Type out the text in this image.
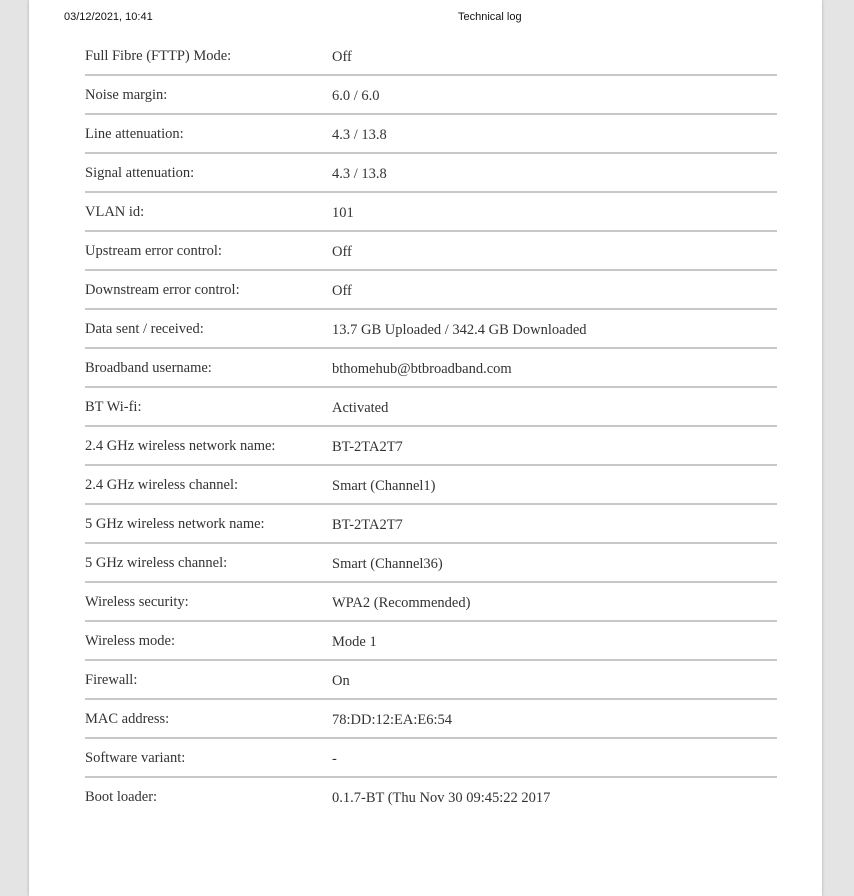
03/12/2021, 10:41	Technical log
Full Fibre (FTTP) Mode:	Off
Noise margin:	6.0 / 6.0
Line attenuation:	4.3 / 13.8
Signal attenuation:	4.3 / 13.8
VLAN id:	101
Upstream error control:	Off
Downstream error control:	Off
Data sent / received:	13.7 GB Uploaded / 342.4 GB Downloaded
Broadband username:	bthomehub@btbroadband.com
BT Wi-fi:	Activated
2.4 GHz wireless network name:	BT-2TA2T7
2.4 GHz wireless channel:	Smart (Channel1)
5 GHz wireless network name:	BT-2TA2T7
5 GHz wireless channel:	Smart (Channel36)
Wireless security:	WPA2 (Recommended)
Wireless mode:	Mode 1
Firewall:	On
MAC address:	78:DD:12:EA:E6:54
Software variant:	-
Boot loader:	0.1.7-BT (Thu Nov 30 09:45:22 2017
